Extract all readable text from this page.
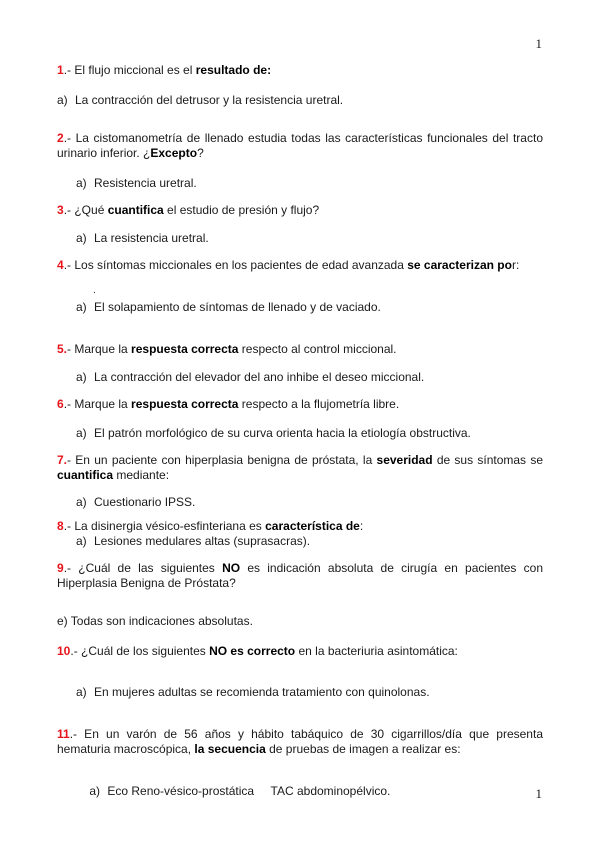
1
1.- El flujo miccional es el resultado de:
a) La contracción del detrusor y la resistencia uretral.
2.- La cistomanometría de llenado estudia todas las características funcionales del tracto urinario inferior. ¿Excepto?
a) Resistencia uretral.
3.- ¿Qué cuantifica el estudio de presión y flujo?
a) La resistencia uretral.
4.- Los síntomas miccionales en los pacientes de edad avanzada se caracterizan por:
.
a) El solapamiento de síntomas de llenado y de vaciado.
5.- Marque la respuesta correcta respecto al control miccional.
a) La contracción del elevador del ano inhibe el deseo miccional.
6.- Marque la respuesta correcta respecto a la flujometría libre.
a) El patrón morfológico de su curva orienta hacia la etiología obstructiva.
7.- En un paciente con hiperplasia benigna de próstata, la severidad de sus síntomas se cuantifica mediante:
a) Cuestionario IPSS.
8.- La disinergia vésico-esfinteriana es característica de:
a) Lesiones medulares altas (suprasacras).
9.- ¿Cuál de las siguientes NO es indicación absoluta de cirugía en pacientes con Hiperplasia Benigna de Próstata?
e) Todas son indicaciones absolutas.
10.- ¿Cuál de los siguientes NO es correcto en la bacteriuria asintomática:
a) En mujeres adultas se recomienda tratamiento con quinolonas.
11.- En un varón de 56 años y hábito tabáquico de 30 cigarrillos/día que presenta hematuria macroscópica, la secuencia de pruebas de imagen a realizar es:

a) Eco Reno-vésico-prostática     TAC abdominopélvico.
	1
